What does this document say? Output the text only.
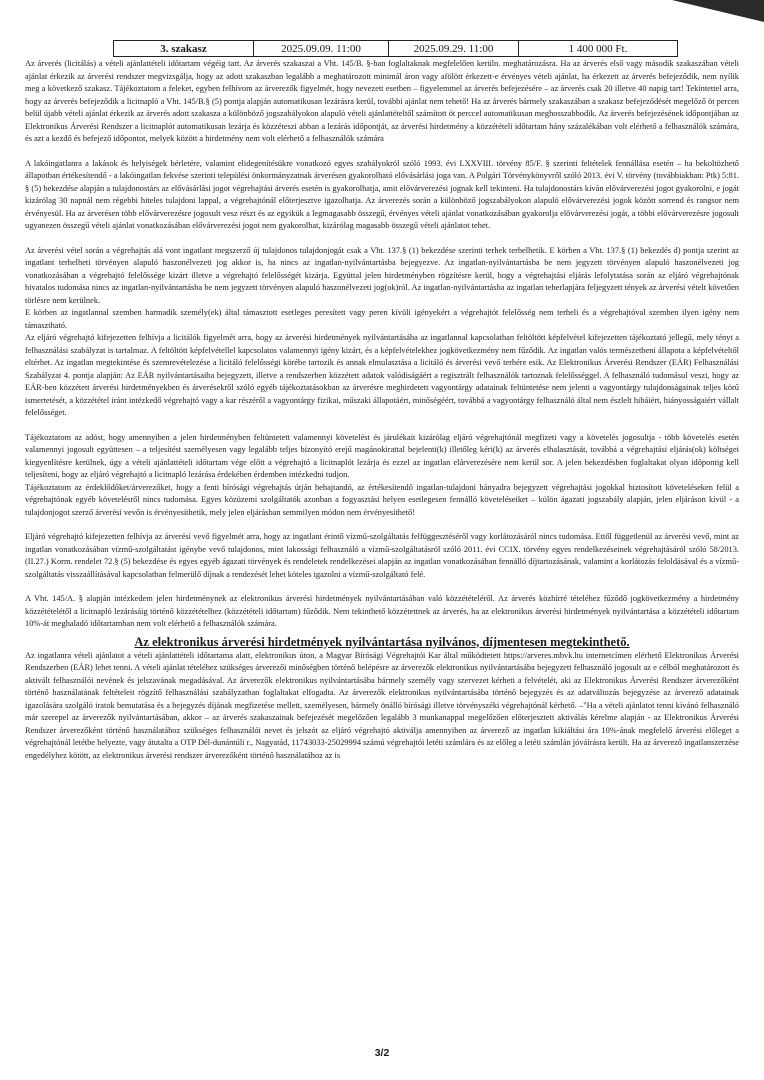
3. szakasz	2025.09.09. 11:00	2025.09.29. 11:00	1 400 000 Ft.

Az árverés (licitálás) a vételi ajánlattételi időtartam végéig tart. Az árverés szakaszai a Vht. 145/B. §-ban foglaltaknak megfelelően kerüln. meghatározásra. Ha az árverés első vagy második szakaszában vételi ajánlat érkezik az árverési rendszer megvizsgálja, hogy az adott szakaszban legalább a meghatározott minimál áron vagy afölött érkezett-e érvényes vételi ajánlat, ha érkezett az árverés befejeződik, nem nyílik meg a következő szakasz. Tájékoztatom a feleket, egyben felhívom az árverezők figyelmét, hogy nevezett esetben – figyelemmel az árverés befejezésére – az árverés csak 20 illetve 40 napig tart! Tekintettel arra, hogy az árverés befejeződik a licitnapló a Vht. 145/B.§ (5) pontja alapján automatikusan lezárásra kerül, további ajánlat nem tehető! Ha az árverés bármely szakaszában a szakasz befejeződését megelőző öt percen belül újabb vételi ajánlat érkezik az árverés adott szakasza a különböző jogszabályokon alapuló vételi ajánlattételtől számított öt perccel automatikusan meghosszabbodik. Az árverés befejezésének időpontjában az Elektronikus Árverési Rendszer a licitnaplót automatikusan lezárja és közzéteszi abban a lezárás időpontját, az árverési hirdetmény a közzétételi időtartam hány százalékában volt elérhető a felhasználók számára, és azt a kezdő és befejező időpontot, melyek között a hirdetmény nem volt elérhető a felhasználók számára

A lakóingatlanra a lakások és helyiségek bérletére, valamint elidegenítésükre vonatkozó egyes szabályokról szóló 1993. évi LXXVIII. törvény 85/F. § szerinti feltételek fennállása esetén – ha bekoltözhető állapotban értékesítendő - a lakóingatlan fekvése szerinti települési önkormányzatnak árverésen gyakorolható elővásárlási joga van. A Polgári Törvénykönyvről szóló 2013. évi V. törvény (továbbiakban: Ptk) 5:81. § (5) bekezdése alapján a tulajdonostárs az elővásárlási jogot végrehajtási árverés esetén is gyakorolhatja, amit elővárverezési jognak kell tekinteni. Ha tulajdonostárs kíván elővárverezési jogot gyakorolni, e jogát kizárólag 30 napnál nem régebbi hiteles tulajdoni lappal, a végrehajtónál előterjesztve igazolhatja. Az árverezés során a különböző jogszabályokon alapuló elővárverezési jogok között sorrend és rangsor nem érvényesül. Ha az árverésen több elővárverezésre jogosult vesz részt és az egyikük a legmagasabb összegű, érvényes vételi ajánlat vonatkozásában gyakorolja elővárverezési jogát, a többi elővárverezésre jogosult ugyanezen összegű vételi ajánlat vonatkozásában elővárverezési jogot nem gyakorolhat, kizárólag magasabb összegű vételi ajánlatot tehet.

Az árverési vétel során a végrehajtás alá vont ingatlant megszerző új tulajdonos tulajdonjogát csak a Vht. 137.§ (1) bekezdése szerinti terhek terhelhetik. E körben a Vht. 137.§ (1) bekezdés d) pontja szerint az ingatlant terhelheti törvényen alapuló haszonélvezeti jog akkor is, ha nincs az ingatlan-nyilvántartásba bejegyezve. Az ingatlan-nyilvántartásba be nem jegyzett törvényen alapuló haszonélvezeti jog vonatkozásában a végrehajtó felelőssége kizárt illetve a végrehajtó felelősségét kizárja. Egyúttal jelen hirdetményben rögzítésre kerül, hogy a végrehajtási eljárás lefolytatása során az eljáró végrehajtónak hivatalos tudomása nincs az ingatlan-nyilvántartásba be nem jegyzett törvényen alapuló haszonélvezeti jog(ok)ról. Az ingatlan-nyilvántartásba az ingatlan teherlapjára feljegyzett tények az árverési vételt követően törlésre nem kerülnek.

E körben az ingatlannal szemben harmadik személy(ek) által támasztott esetleges peresített vagy peren kívüli igényekért a végrehajtót felelősség nem terheli és a végrehajtóval szemben ilyen igény nem támasztható.

Az eljáró végrehajtó kifejezetten felhívja a licitálók figyelmét arra, hogy az árverési hirdetmények nyilvántartásába az ingatlannal kapcsolatban feltöltött képfelvétel kifejezetten tájékoztató jellegű, mely tényt a felhasználási szabályzat is tartalmaz. A feltöltött képfelvétellel kapcsolatos valamennyi igény kizárt, és a képfelvételekhez jogkövetkezmény nem fűződik. Az ingatlan valós természetbeni állapota a képfelvételtől eltérhet. Az ingatlan megtekintése és szemrevételezése a licitáló felelősségi körébe tartozik és annak elmulasztása a licitáló és árverési vevő terhére esik. Az Elektronikus Árverési Rendszer (EÁR) Felhasználási Szabályzat 4. pontja alapján: Az EÁR nyilvántartásaiba bejegyzett, illetve a rendszerben közzétett adatok valódiságáért a regisztrált felhasználók tartoznak felelősséggel. A felhasználó tudomásul veszi, hogy az EÁR-ben közzétett árverési hirdetményekben és árverésekről szóló egyéb tájékoztatásokban az árverésre meghirdetett vagyontárgy adatainak feltüntetése nem jelenti a vagyontárgy tulajdonságainak teljes körű ismertetését, a közzététel iránt intézkedő végrehajtó vagy a kar részéről a vagyontárgy fizikai, műszaki állapotáért, minőségéért, továbbá a vagyontárgy felhasználó által nem észlelt hibáiért, hiányosságaiért vállalt felelősséget.

Tájékoztatom az adóst, hogy amennyiben a jelen hirdetményben feltüntetett valamennyi követelést és járulékait kizárólag eljáró végrehajtónál megfizeti vagy a követelés jogosultja - több követelés esetén valamennyi jogosult együttesen – a teljesítést személyesen vagy legalább teljes bizonyító erejű magánokirattal bejelenti(k) illetőleg kéri(k) az árverés elhalasztását, továbbá a végrehajtási eljárás(ok) költségei kiegyenlítésre kerülnek, úgy a vételi ajánlattételi időtartam vége előtt a végrehajtó a licitnaplót lezárja és ezzel az ingatlan elárverezésére nem kerül sor. A jelen bekezdésben foglaltakat olyan időpontig kell teljesíteni, hogy az eljáró végrehajtó a licitnapló lezárása érdekében érdemben intézkedni tudjon.

Tájékoztatom az érdeklődőket/árverezőket, hogy a fenti bírósági végrehajtás útján behajtandó, az értékesítendő ingatlan-tulajdoni hányadra bejegyzett végrehajtási jogokkal biztosított követeléseken felül a végrehajtónak egyéb követelésről nincs tudomása. Egyes közüzemi szolgáltatók azonban a fogyasztási helyen esetlegesen fennálló követeléseiket – külön ágazati jogszabály alapján, jelen eljáráson kívül - a tulajdonjogot szerző árverési vevőn is érvényesíthetik, mely jelen eljárásban semmilyen módon nem érvényesíthető!

Eljáró végrehajtó kifejezetten felhívja az árverési vevő figyelmét arra, hogy az ingatlant érintő vízmű-szolgáltatás felfüggesztéséről vagy korlátozásáról nincs tudomása. Ettől függetlenül az árverési vevő, mint az ingatlan vonatkozásában vízmű-szolgáltatást igénybe vevő tulajdonos, mint lakossági felhasználó a vízmű-szolgáltatásról szóló 2011. évi CCIX. törvény egyes rendelkezéseinek végrehajtásáról szóló 58/2013. (II.27.) Korm. rendelet 72.§ (5) bekezdése és egyes egyéb ágazati törvények és rendeletek rendelkezései alapján az ingatlan vonatkozásában fennálló díjtartozásának, valamint a korlátozás feloldásával és a vízmű-szolgáltatás visszaállításával kapcsolatban felmerülő díjnak a rendezését lehet köteles igazolni a vízmű-szolgáltató felé.

A Vht. 145/A. § alapján intézkedem jelen hirdetménynek az elektronikus árverési hirdetmények nyilvántartásában való közzétételéről. Az árverés közhírré tételéhez fűződő jogkövetkezmény a hirdetmény közzétételétől a licitnapló lezárásáig történő közzétételhez (közzétételi időtartam) fűződik. Nem tekinthető közzétettnek az árverés, ha az elektronikus árverési hirdetmények nyilvántartása a közzétételi időtartam 10%-át meghaladó időtartamban nem volt elérhető a felhasználók számára.

Az elektronikus árverési hirdetmények nyilvántartása nyilvános, díjmentesen megtekinthető.

Az ingatlanra vételi ajánlatot a vételi ajánlattételi időtartama alatt, elektronikus úton, a Magyar Bírósági Végrehajtói Kar által működtetett https://arveres.mbvk.hu internetcímen elérhető Elektronikus Árverési Rendszerben (EÁR) lehet tenni. A vételi ajánlat tételéhez szükséges árverezői minőségben történő belépésre az árverezők elektronikus nyilvántartásába bejegyzett felhasználó jogosult az e célból meghatározott és aktivált felhasználói nevének és jelszavának megadásával. Az árverezők elektronikus nyilvántartásába bármely személy vagy szervezet kérheti a felvételét, aki az Elektronikus Árverési Rendszer árverezőként történő használatának feltételeit rögzítő felhasználási szabályzatban foglaltakat elfogadta. Az árverezők elektronikus nyilvántartásába történő bejegyzés és az adatváltozás bejegyzése az árverező adatainak igazolására szolgáló iratok bemutatása és a bejegyzés díjának megfizetése mellett, személyesen, bármely önálló bírósági illetve törvényszéki végrehajtónál kérhető. –"Ha a vételi ajánlatot tenni kívánó felhasználó már szerepel az árverezők nyilvántartásában, akkor – az árverés szakaszainak befejezését megelőzően legalább 3 munkanappal megelőzően előterjesztett aktiválás kérelme alapján - az Elektronikus Árverési Rendszer árverezőként történő használatához szükséges felhasználói nevet és jelszót az eljáró végrehajtó aktiválja amennyiben az árverező az ingatlan kikiáltási ára 10%-ának megfelelő árverési előleget a végrehajtónál letétbe helyezte, vagy átutalta a OTP Dél-dunántúli r., Nagyatád, 11743033-25029994 számú végrehajtói letéti számlára és az előleg a letéti számlán jóváírásra került. Ha az árverező ingatlanszerzése engedélyhez kötött, az elektronikus árverési rendszer árverezőként történő használatához az is

3/2
